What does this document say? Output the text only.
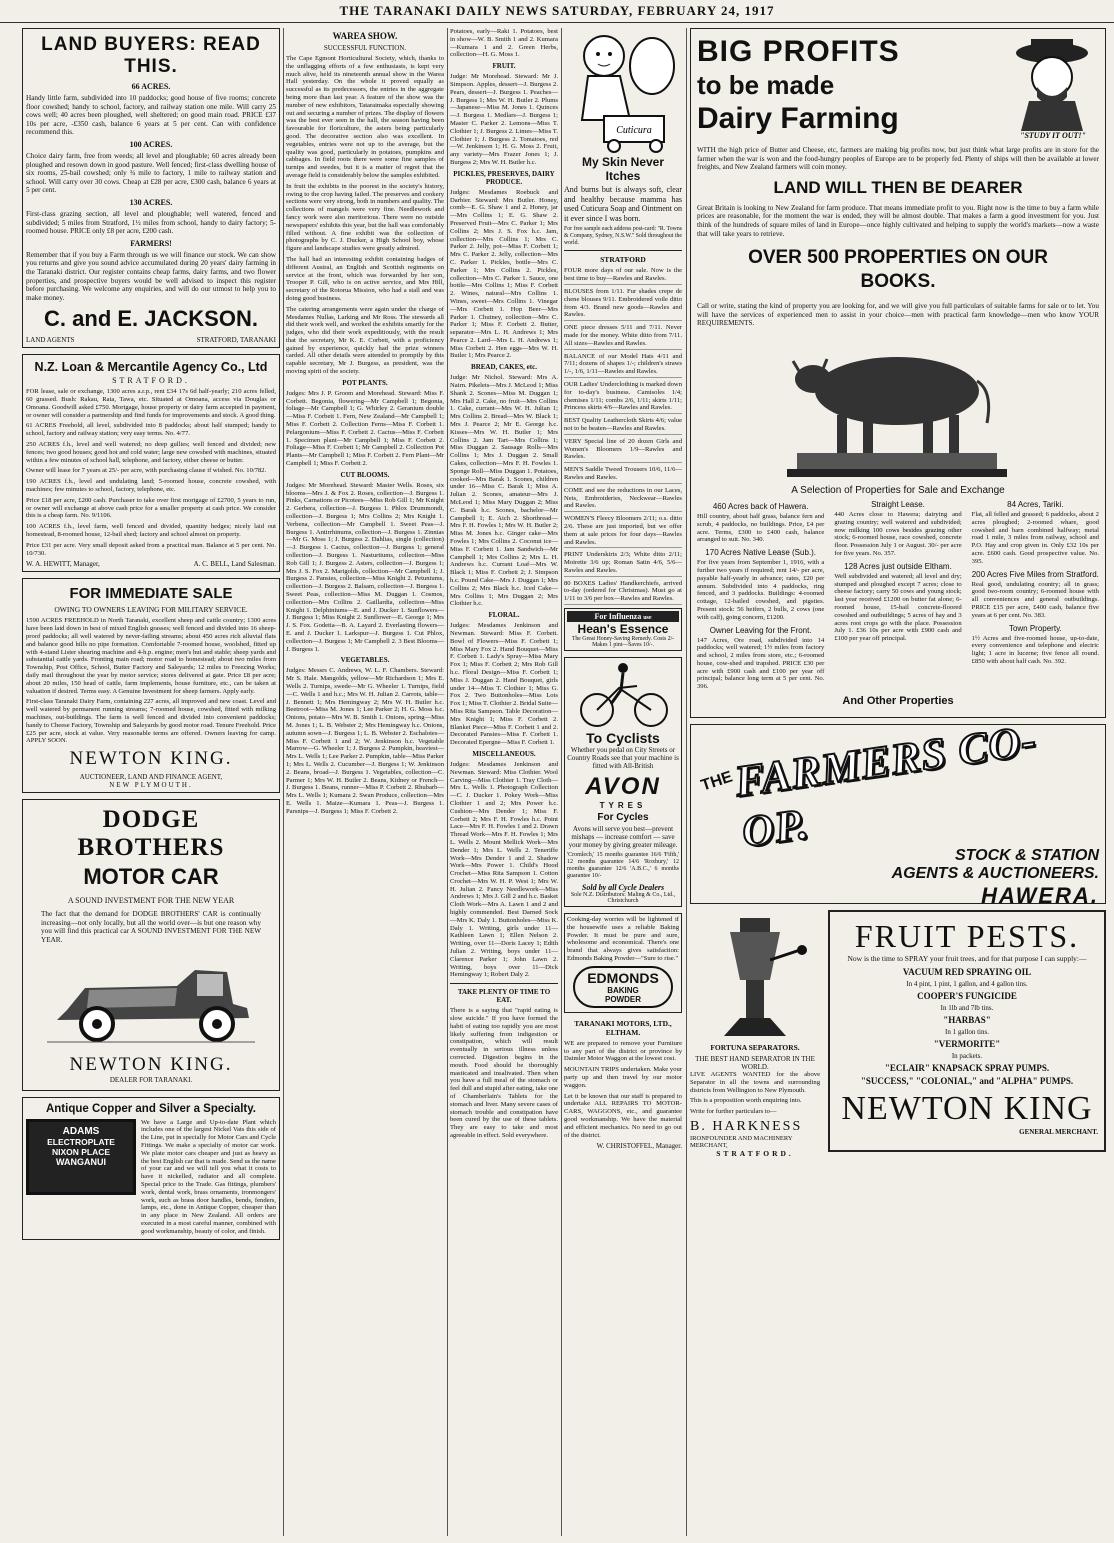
THE TARANAKI DAILY NEWS SATURDAY, FEBRUARY 24, 1917
LAND BUYERS: READ THIS.
66 ACRES.

Handy little farm, subdivided into 10 paddocks; good house of five rooms; concrete floor cowshed; handy to school, factory, and railway station one mile. Will carry 25 cows well; 40 acres been ploughed, well sheltered; on good main road. PRICE £37 10s per acre, -£350 cash, balance 6 years at 5 per cent. Can with confidence recommend this.

100 ACRES.

Choice dairy farm, free from weeds; all level and ploughable; 60 acres already been ploughed and resown down in good pasture. Well fenced; first-class dwelling house of six rooms, 25-bail cowshed; only ¾ mile to factory, 1 mile to railway station and school. Will carry over 30 cows. Cheap at £28 per acre, £300 cash, balance 6 years at 5 per cent.

130 ACRES.

First-class grazing section, all level and ploughable; well watered, fenced and subdivided; 5 miles from Stratford, 1½ miles from school, handy to dairy factory; 5-roomed house. PRICE only £8 per acre, £200 cash.

FARMERS!

Remember that if you buy a Farm through us we will finance our stock. We can show you returns and give you sound advice accumulated during 20 years' dairy farming in the Taranaki district. Our register contains cheap farms, dairy farms, and two flower properties, and prospective buyers would be well advised to inspect this register before purchasing. We welcome any enquiries, and will do our utmost to help you to make money.

C. and E. JACKSON.
LAND AGENTS	STRATFORD, TARANAKI
N.Z. Loan & Mercantile Agency Co., Ltd
STRATFORD.

FOR lease, sale or exchange, 1300 acres a.r.p., rent £34 17s 6d half-yearly; 210 acres felled, 60 grassed. Bush: Rakau, Rata, Tawa, etc. Situated at Omoana, access via Douglas or Omoana. Goodwill asked £750. Mortgage, house property or dairy farm accepted in payment, or owner will consider a partnership and find funds for improvements and stock. A good thing.

61 ACRES Freehold, all level, subdivided into 8 paddocks; about half stumped; handy to school, factory and railway station; very easy terms. No. 4/77.

250 ACRES f.h., level and well watered; no deep gullies; well fenced and divided; new fences; two good houses; good hot and cold water; large new cowshed with machines, situated within a few minutes of school hall, telephone, and factory, either cheese or butter.

Owner will lease for 7 years at 25/- per acre, with purchasing clause if wished. No. 10/782.

190 ACRES f.h., level and undulating land; 5-roomed house, concrete cowshed, with machines; few minutes to school, factory, telephone, etc.

Price £18 per acre, £200 cash. Purchaser to take over first mortgage of £2700, 5 years to run, or owner will exchange at above cash price for a smaller property at cash price. We consider this is a cheap farm. No. 9/1106.

100 ACRES f.h., level farm, well fenced and divided, quantity hedges; nicely laid out homestead, 8-roomed house, 12-bail shed; factory and school almost on property.

Price £31 per acre. Very small deposit asked from a practical man. Balance at 5 per cent. No. 10/730.

W. A. HEWITT, Manager,	A. C. BELL, Land Salesman.
FOR IMMEDIATE SALE
OWING TO OWNERS LEAVING FOR MILITARY SERVICE.

1590 ACRES FREEHOLD in North Taranaki, excellent sheep and cattle country; 1300 acres have been laid down in best of mixed English grasses; well fenced and divided into 16 sheep-proof paddocks; all well watered by never-failing streams; about 450 acres rich alluvial flats and balance good hills no pipe formation. Comfortable 7-roomed house, woolshed, fitted up with 4-stand Lister shearing machine and 4-h.p. engine; men's hut and stable; sheep yards and substantial cattle yards. Fronting main road; motor road to homestead; about two miles from Township, Post Office, School, Butter Factory and Saleyards; 12 miles to Freezing Works; daily mail throughout the year by motor service; stores delivered at gate. Price £8 per acre; about 20 miles, 150 head of cattle, farm implements, house furniture, etc., can be taken at valuation if desired. Terms easy. A Genuine Investment for sheep farmers. Apply early.

First-class Taranaki Dairy Farm, containing 227 acres, all improved and new coast. Level and well watered by permanent running streams; 7-roomed house, cowshed, fitted with milking machines, out-buildings. The farm is well fenced and divided into convenient paddocks; handy to Cheese Factory, Township and Saleyards by good motor road. Tenure Freehold. Price £25 per acre, stock at value. Very reasonable terms are offered. Owners leaving for camp. APPLY SOON.

NEWTON KING.
AUCTIONEER, LAND AND FINANCE AGENT,
NEW PLYMOUTH.
DODGE BROTHERS
MOTOR CAR
A SOUND INVESTMENT FOR THE NEW YEAR

The fact that the demand for DODGE BROTHERS' CAR is continually increasing—not only locally, but all the world over—is but one reason why you will find this practical car A SOUND INVESTMENT FOR THE NEW YEAR.

NEWTON KING.
DEALER FOR TARANAKI.
Antique Copper and Silver a Specialty.
ADAMS
ELECTROPLATE
NIXON PLACE
WANGANUI

We have a Large and Up-to-date Plant which includes one of the largest Nickel Vats this side of the Line, put in specially for Motor Cars and Cycle Fittings. We make a specialty of motor car work. We plate motor cars cheaper and just as heavy as the best English car that is made. Send us the name of your car and we will tell you what it costs to have it nickelled, radiator and all complete. Special price to the Trade. Gas fittings, plumbers' work, dental work, brass ornaments, ironmongers' work, such as brass door handles, bends, fenders, lamps, etc., done in Antique Copper, cheaper than in any place in New Zealand. All orders are executed in a most careful manner, combined with good workmanship, beauty of color, and finish.

WAREA SHOW.
SUCCESSFUL FUNCTION.

The Cape Egmont Horticultural Society, which, thanks to the unflagging efforts of a few enthusiasts, is kept very much alive, held its nineteenth annual show in the Warea Hall yesterday. On the whole it proved equally as successful as its predecessors, the entries in the aggregate being more than last year. A feature of the show was the number of new exhibitors, Tataraimaka especially showing out and securing a number of prizes. The display of flowers was the best ever seen in the hall, the season having been favourable for floriculture, the asters being particularly good. The decorative section also was excellent. In vegetables, entries were not up to the average, but the quality was good, particularly in potatoes, pumpkins and cabbages. In field roots there were some fine samples of turnips and swedes, but it is a matter of regret that the average field is considerably below the samples exhibited.

In fruit the exhibits in the poorest in the society's history, owing to the crop having failed. The preserves and cookery sections were very strong, both in numbers and quality. The collections of mangels were very fine. Needlework and fancy work were also meritorious. There were no outside newspapers' exhibits this year, but the hall was comfortably filled without. A fine exhibit was the collection of photographs by C. J. Ducker, a High School boy, whose figure and landscape studies were greatly admired.

The hall had an interesting exhibit containing badges of different Austral, an English and Scottish regiments on service at the front, which was forwarded by her son, Trooper P. Gill, who is on active service, and Mrs Hill, secretary of the Rotorua Mission, who had a stall and was doing good business.

The catering arrangements were again under the charge of Mesdames Nullas, Larking and Mr Ross. The stewards all did their work well, and worked the exhibits smartly for the judges, who did their work expeditiously, with the result that the secretary, Mr K. E. Corbett, with a proficiency gained by experience, quickly had the prize winners carded. All other details were attended to promptly by this capable secretary, Mr J. Burgess, as president, was the moving spirit of the society.

POT PLANTS.

Judges: Mrs J. P. Groom and Morehead. Steward: Miss F. Corbett. Begonia, flowering—Mr Campbell 1; Begonia, foliage—Mr Campbell 1; G. Whirley 2. Geranium double—Miss F. Corbett 1. Fern, New Zealand—Mr Campbell 1; Miss F. Corbett 2. Collection Ferns—Miss F. Corbett 1. Pelargonium—Miss F. Corbett 2. Cactus—Miss F. Corbett 1. Specimen plant—Mr Campbell 1; Miss F. Corbett 2. Foliage—Miss F. Corbett 1; Mr Campbell 2. Collection Pot Plants—Mr Campbell 1; Miss F. Corbett 2. Fern Plant—Mr Campbell 1; Miss F. Corbett 2.

CUT BLOOMS.

Judges: Mr Morehead. Steward: Master Wells. Roses, six blooms—Mrs J. & Fox 2. Roses, collection—J. Burgess 1. Pinks, Carnations or Picotees—Miss Rob Gill 1; Mr Knight 2. Gerbera, collection—J. Burgess 1. Phlox Drummondi, collection—J. Burgess 1; Mrs Collins 2; Mrs Knight 1. Verbena, collection—Mr Campbell 1. Sweet Peas—J. Burgess 1. Antirrhinums, collection—J. Burgess 1. Zinnias—Mr G. Moss 1; J. Burgess 2. Dahlias, single (collection)—J. Burgess 1. Cactus, collection—J. Burgess 1; general collection—J. Burgess 1. Nasturtiums, collection—Miss Rob Gill 1; J. Burgess 2. Asters, collection—J. Burgess 1; Mrs J. S. Fox 2. Marigolds, collection—Mr Campbell 1; J. Burgess 2. Pansies, collection—Miss Knight 2. Petuniums, collection—J. Burgess 2. Balsam, collection—J. Burgess 1. Sweet Peas, collection—Miss M. Duggan 1. Cosmos, collection—Mrs Collins 2. Gaillardia, collection—Miss Knight 1. Delphiniums—E. and J. Ducker 1. Sunflowers—J. Burgess 1; Miss Knight 2. Sunflower—E. George 1; Mrs J. S. Fox. Godetia—B. A. Layard 2. Everlasting flowers—E. and J. Ducker 1. Larkspur—J. Burgess 1. Cut Phlox, collection—J. Burgess 1; Mr Campbell 2. 3 Best Blooms—J. Burgess 1.

VEGETABLES.

Judges: Messrs C. Andrews, W. L. F. Chambers. Steward: Mr S. Hale. Mangolds, yellow—Mr Richardson 1; Mrs E. Wells 2. Turnips, swede—Mr G. Wheeler 1. Turnips, field—C. Wells 1 and h.c.; Mrs W. H. Julian 2. Carrots, table—J. Bennett 1; Mrs Hemingway 2; Mrs W. H. Butler h.c. Beetroot—Miss M. Jones 1; Lee Parker 2; H. G. Moss h.c. Onions, potato—Mrs W. B. Smith 1. Onions, spring—Miss M. Jones 1; L. B. Webster 2; Mrs Hemingway h.c. Onions, autumn sown—J. Burgess 1; L. B. Webster 2. Eschalotes—Miss F. Corbett 1 and 2; W. Jenkinson h.c. Vegetable Marrow—G. Wheeler 1; J. Burgess 2. Pumpkin, heaviest—Mrs L. Wells 1; Lee Parker 2. Pumpkin, table—Miss Parker 1; Mrs L. Wells 2. Cucumber—J. Burgess 1; W. Jenkinson 2. Beans, broad—J. Burgess 1. Vegetables, collection—C. Parmer 1; Mrs W. H. Butler 2. Beans, Kidney or French—J. Burgess 1. Beans, runner—Miss P. Corbett 2. Rhubarb—Mrs L. Wells 1; Kumara 2. Swan Produce, collection—Mrs E. Wells 1. Maize—Kumara 1. Peas—J. Burgess 1. Parsnips—J. Burgess 1; Miss F. Corbett 2.

Potatoes, early—Raki 1. Potatoes, best in show—W. B. Smith 1 and 2. Kumara—Kumara 1 and 2. Green Herbs, collection—H. G. Moss 1.

FRUIT.

Judge: Mr Morehead. Steward: Mr J. Simpson. Apples, dessert—J. Burgess 2. Pears, dessert—J. Burgess 1. Peaches—J. Burgess 1; Mrs W. H. Butler 2. Plums—Japanese—Miss M. Jones 1. Quinces—J. Burgess 1. Medlars—J. Burgess 1; Master C. Parker 2. Lemons—Miss T. Clothier 1; J. Burgess 2. Limes—Miss T. Clothier 1; J. Burgess 2. Tomatoes, red—W. Jenkinson 1; H. G. Moss 2. Fruit, any variety—Mrs Frazer Jones 1; J. Burgess 2; Mrs W. H. Butler h.c.

PICKLES, PRESERVES, DAIRY PRODUCE.

Judges: Mesdames Roebuck and Darbier. Steward: Mrs Butler. Honey, comb—E. G. Shaw 1 and 2. Honey, jar—Mrs Collins 1; E. G. Shaw 2. Preserved Fruit—Mrs C. Parker 1; Mrs Collins 2; Mrs J. S. Fox h.c. Jam, collection—Mrs Collins 1; Mrs C. Parker 2. Jelly, pot—Miss F. Corbett 1; Mrs C. Parker 2. Jelly, collection—Mrs C. Parker 1. Pickles, bottle—Mrs C. Parker 1; Mrs Collins 2. Pickles, collection—Mrs C. Parker 1. Sauce, one bottle—Mrs Collins 1; Miss F. Corbett 2. Wines, natural—Mrs Collins 1. Wines, sweet—Mrs Collins 1. Vinegar—Mrs Corbett 1. Hop Beer—Mrs Parker 1. Chutney, collection—Mrs C. Parker 1; Miss F. Corbett 2. Butter, separator—Mrs L. H. Andrews 1; Mrs Pearce 2. Lard—Mrs L. H. Andrews 1; Miss Corbett 2. Hen eggs—Mrs W. H. Butler 1; Mrs Pearce 2.

BREAD, CAKES, etc.

Judge: Mr Nichol. Steward: Mrs A. Nairn. Pikelets—Mrs J. McLeod 1; Miss Shank 2. Scones—Miss M. Duggan 1; Mrs Hall 2. Cake, no fruit—Mrs Collins 1. Cake, currant—Mrs W. H. Julian 1; Mrs Collins 2. Bread—Mrs W. Black 1; Mrs J. Pearce 2; Mr E. George h.c. Kisses—Mrs W. H. Butler 1; Mrs Collins 2. Jam Tart—Mrs Collins 1; Miss Duggan 2. Sausage Rolls—Mrs Collins 1; Mrs J. Duggan 2. Small Cakes, collection—Mrs F. H. Fowles 1. Sponge Roll—Miss Duggan 1. Potatoes, cooked—Mrs Barak 1. Scones, children under 16—Miss C. Barak 1; Miss A. Julian 2. Scones, amateur—Mrs J. McLeod 1; Miss Mary Duggan 2; Miss C. Barak h.c. Scones, bachelor—Mr Campbell 1; E. Aich 2. Shortbread—Mrs F. H. Fowles 1; Mrs W. H. Butler 2; Miss M. Jones h.c. Ginger cake—Mrs Fowles 1; Mrs Collins 2. Coconut ice—Miss F. Corbett 1. Jam Sandwich—Mr Campbell 1; Mrs Collins 2; Mrs L. H. Andrews h.c. Currant Loaf—Mrs W. Black 1; Miss F. Corbett 2; J. Simpson h.c. Pound Cake—Mrs J. Duggan 1; Mrs Collins 2; Mrs Black h.c. Iced Cake—Mrs Collins 1; Mrs Duggan 2; Mrs Clothier h.c.

FLORAL.

Judges: Mesdames Jenkinson and Newman. Steward: Miss F. Corbett. Bowl of Flowers—Miss F. Corbett 1; Miss Mary Fox 2. Hand Bouquet—Miss F. Corbett 1. Lady's Spray—Miss Mary Fox 1; Miss F. Corbett 2; Mrs Rob Gill h.c. Floral Design—Miss F. Corbett 1; Miss J. Duggan 2. Hand Bouquet, girls under 14—Miss T. Clothier 1; Miss G. Fox 2. Two Buttonholes—Miss Lois Fox 1; Miss T. Clothier 2. Bridal Suite—Miss Rita Sampson. Table Decoration—Mrs Knight 1; Miss F. Corbett 2. Blanket Piece—Miss F. Corbett 1 and 2. Decorated Pansies—Miss F. Corbett 1. Decorated Epergne—Miss F. Corbett 1.

MISCELLANEOUS.

Judges: Mesdames Jenkinson and Newman. Steward: Miss Clothier. Wool Carving—Miss Clothier 1. Tray Cloth—Mrs L. Wells 1. Photograph Collection—C. J. Ducker 1. Pokey Work—Miss Clothier 1 and 2; Mrs Power h.c. Cushion—Mrs Dender 1; Miss F. Corbett 2; Mrs F. H. Fowles h.c. Point Lace—Mrs F. H. Fowles 1 and 2. Drawn Thread Work—Mrs F. H. Fowles 1; Mrs L. Wells 2. Mount Mellick Work—Mrs Dender 1; Mrs L. Wells 2. Teneriffe Work—Mrs Dender 1 and 2. Shadow Work—Mrs Power 1. Child's Hood Crochet—Miss Rita Sampson 1. Cotton Crochet—Mrs W. H. P. West 1; Mrs W. H. Julian 2. Fancy Needlework—Miss Andrews 1; Mrs J. Gill 2 and h.c. Basket Cloth Work—Mrs A. Lawn 1 and 2 and highly commended. Best Darned Sock—Mrs K. Daly 1. Buttonholes—Miss K. Daly 1. Writing, girls under 11—Kathleen Lawn 1; Ellen Nelson 2. Writing, over 11—Doris Lacey 1; Edith Julian 2. Writing, boys under 11—Clarence Parker 1; John Lawn 2. Writing, boys over 11—Dick Hemingway 1; Robert Daly 2.

TAKE PLENTY OF TIME TO EAT.

There is a saying that "rapid eating is slow suicide." If you have formed the habit of eating too rapidly you are most likely suffering from indigestion or constipation, which will result eventually in serious illness unless corrected. Digestion begins in the mouth. Food should be thoroughly masticated and insalivated. Then when you have a full meal of the stomach or feel dull and stupid after eating, take one of Chamberlain's Tablets for the stomach and liver. Many severe cases of stomach trouble and constipation have been cured by the use of these tablets. They are easy to take and most agreeable in effect. Sold everywhere.

Cuticura
My Skin Never Itches

And burns but is always soft, clear and healthy because mamma has used Cuticura Soap and Ointment on it ever since I was born.

For free sample each address post-card: "R. Towns & Company, Sydney, N.S.W." Sold throughout the world.

STRATFORD

FOUR more days of our sale. Now is the best time to buy—Rawles and Rawles.

BLOUSES from 1/11. Fur shades crepe de chene blouses 9/11. Embroidered voile ditto from 4/3. Brand new goods—Rawles and Rawles.

ONE piece dresses 5/11 and 7/11. Never made for the money. White ditto from 7/11. All sizes—Rawles and Rawles.

BALANCE of our Model Hats 4/11 and 7/11; dozens of shapes 1/-; children's straws 1/-, 1/6, 1/11—Rawles and Rawles.

OUR Ladies' Underclothing is marked down for to-day's business. Camisoles 1/4; chemises 1/11; combs 2/6, 1/11; skirts 1/11; Princess skirts 4/6—Rawles and Rawles.

BEST Quality Leathercloth Skirts 4/6; value not to be beaten—Rawles and Rawles.

VERY Special line of 20 dozen Girls and Women's Bloomers 1/9—Rawles and Rawles.

MEN'S Saddle Tweed Trousers 10/6, 11/6—Rawles and Rawles.

COME and see the reductions in our Laces, Nets, Embroideries, Neckwear—Rawles and Rawles.

WOMEN'S Fleecy Bloomers 2/11; o.s. ditto 2/6. These are just imported, but we offer them at sale prices for four days—Rawles and Rawles.

PRINT Underskirts 2/3; White ditto 2/11; Moirette 3/6 up; Roman Satin 4/6, 5/6—Rawles and Rawles.

80 BOXES Ladies' Handkerchiefs, arrived to-day (ordered for Christmas). Must go at 1/11 to 3/6 per box—Rawles and Rawles.

For Influenza use
Hean's Essence
The Great Honey-Saving Remedy. Costs 2/- Makes 1 pint—Saves 10/-.
To Cyclists

Whether you pedal on City Streets or Country Roads see that your machine is fitted with All-British

AVON
TYRES
For Cycles

Avons will serve you best—prevent mishaps — increase comfort — save your money by giving greater mileage.

'Cromlech,' 15 months guarantee 16/6 'Fifth,' 12 months guarantee 14/6 'Roxbury,' 12 months guarantee 12/6 'A.B.C.,' 6 months guarantee 10/-

Sold by all Cycle Dealers
Sole N.Z. Distributors: Maling & Co., Ltd., Christchurch

Cooking-day worries will be lightened if the housewife uses a reliable Baking Powder. It must be pure and sure, wholesome and economical. There's one brand that always gives satisfaction: Edmonds Baking Powder—"Sure to rise."

EDMONDS
BAKING
POWDER
TARANAKI MOTORS, LTD., ELTHAM.

WE are prepared to remove your Furniture to any part of the district or province by Daimler Motor Waggon at the lowest cost.

MOUNTAIN TRIPS undertaken. Make your party up and then travel by our motor waggon.

Let it be known that our staff is prepared to undertake ALL REPAIRS TO MOTOR-CARS, WAGGONS, etc., and guarantee good workmanship. We have the material and efficient mechanics. No need to go out of the district.

W. CHRISTOFFEL, Manager.
BIG PROFITS
to be made
Dairy Farming
"STUDY IT OUT!"

WITH the high price of Butter and Cheese, etc, farmers are making big profits now, but just think what large profits are in store for the farmer when the war is won and the food-hungry peoples of Europe are to be properly fed. Plenty of ships will then be available at lower freights, and New Zealand farmers will coin money.

LAND WILL THEN BE DEARER

Great Britain is looking to New Zealand for farm produce. That means immediate profit to you. Right now is the time to buy a farm while prices are reasonable, for the moment the war is ended, they will be almost double. That makes a farm a good investment for you. Just think of the hundreds of square miles of land in Europe—once highly cultivated and helping to supply the world's markets—now a waste that will take years to retrieve.

OVER 500 PROPERTIES ON OUR BOOKS.

Call or write, stating the kind of property you are looking for, and we will give you full particulars of suitable farms for sale or to let. You will have the services of experienced men to assist in your choice—men with practical farm knowledge—men who know YOUR REQUIREMENTS.

A Selection of Properties for Sale and Exchange
460 Acres back of Hawera.

Hill country, about half grass, balance fern and scrub, 4 paddocks, no buildings. Price, £4 per acre. Terms, £300 to £400 cash, balance arranged to suit. No. 340.

170 Acres Native Lease (Sub.).

For five years from September 1, 1916, with a further two years if required; rent 14/- per acre, payable half-yearly in advance; rates, £20 per annum. Subdivided into 4 paddocks, ring fenced, and 3 paddocks. Buildings: 4-roomed cottage, 12-bailed cowshed, and pigsties. Present stock: 56 heifers, 2 bulls, 2 cows (one with calf), going concern, £1200.

Owner Leaving for the Front.

147 Acres, Ore road, subdivided into 14 paddocks; well watered; 1½ miles from factory and school, 2 miles from store, etc.; 6-roomed house, cow-shed and trapshed. PRICE £30 per acre with £900 cash and £100 per year off principal; balance long term at 5 per cent. No. 396.

Straight Lease.

440 Acres close to Hawera; dairying and grazing country; well watered and subdivided; now milking 100 cows besides grazing other stock; 6-roomed house, race cowshed, concrete floor. Possession July 1 or August. 30/- per acre for five years. No. 357.

128 Acres just outside Eltham.

Well subdivided and watered; all level and dry; stumped and ploughed except 7 acres; close to cheese factory; carry 50 cows and young stock; last year received £1200 on butter fat alone; 6-roomed house, 15-bail concrete-floored cowshed and outbuildings; 5 acres of hay and 3 acres root crops go with the place. Possession July 1. £36 10s per acre with £900 cash and £100 per year off principal.

84 Acres, Tariki.

Flat, all felled and grassed; 6 paddocks, about 2 acres ploughed; 2-roomed whare, good cowshed and barn combined halfway; metal road 1 mile, 3 miles from railway, school and P.O. Hay and crop given in. Only £32 10s per acre. £600 cash. Good prospective value. No. 395.

200 Acres Five Miles from Stratford.

Real good, undulating country; all in grass; good two-room country; 6-roomed house with all conveniences and general outbuildings. PRICE £15 per acre, £400 cash, balance five years at 6 per cent. No. 383.

Town Property.

1½ Acres and five-roomed house, up-to-date, every convenience and telephone and electric light; 1 acre in lucerne; five fence all round. £850 with about half cash. No. 392.

And Other Properties
THE
FARMERS CO-OP.	STOCK & STATION
AGENTS & AUCTIONEERS.
HAWERA.
FORTUNA SEPARATORS.
THE BEST HAND SEPARATOR IN THE WORLD.

LIVE AGENTS WANTED for the above Separator in all the towns and surrounding districts from Wellington to New Plymouth.

This is a proposition worth enquiring into.

Write for further particulars to—

B. HARKNESS
IRONFOUNDER AND MACHINERY MERCHANT,
STRATFORD.
FRUIT PESTS.

Now is the time to SPRAY your fruit trees, and for that purpose I can supply:—

VACUUM RED SPRAYING OIL
In 4 pint, 1 pint, 1 gallon, and 4 gallon tins.
COOPER'S FUNGICIDE
In 1lb and 7lb tins.
"HARBAS"
In 1 gallon tins.
"VERMORITE"
In packets.
"ECLAIR" KNAPSACK SPRAY PUMPS.
"SUCCESS," "COLONIAL," and "ALPHA" PUMPS.
NEWTON KING
GENERAL MERCHANT.
